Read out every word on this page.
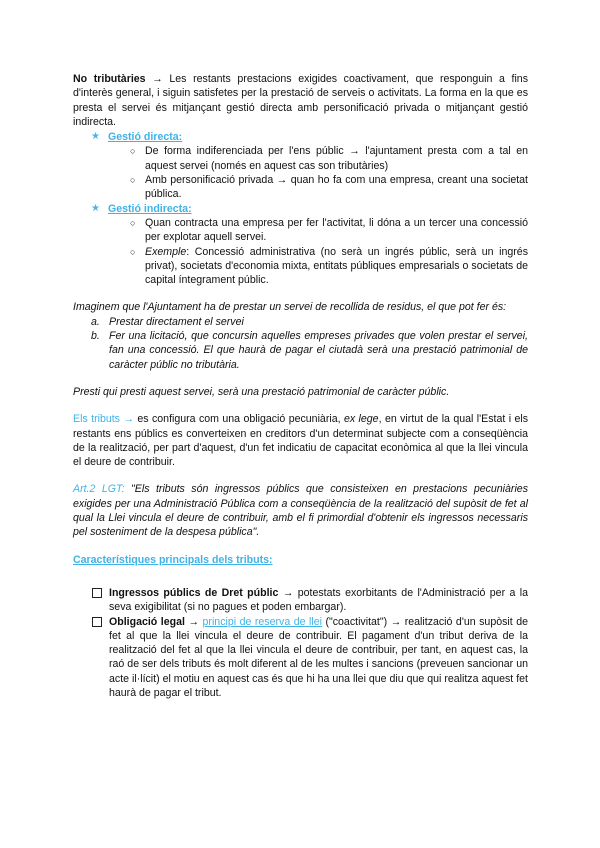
No tributàries → Les restants prestacions exigides coactivament, que responguin a fins d'interès general, i siguin satisfetes per la prestació de serveis o activitats. La forma en la que es presta el servei és mitjançant gestió directa amb personificació privada o mitjançant gestió indirecta.

★ Gestió directa:
○ De forma indiferenciada per l'ens públic → l'ajuntament presta com a tal en aquest servei (només en aquest cas son tributàries)
○ Amb personificació privada → quan ho fa com una empresa, creant una societat pública.
★ Gestió indirecta:
○ Quan contracta una empresa per fer l'activitat, li dóna a un tercer una concessió per explotar aquell servei.
○ Exemple: Concessió administrativa (no serà un ingrés públic, serà un ingrés privat), societats d'economia mixta, entitats públiques empresarials o societats de capital íntegrament públic.

Imaginem que l'Ajuntament ha de prestar un servei de recollida de residus, el que pot fer és:

a. Prestar directament el servei
b. Fer una licitació, que concursin aquelles empreses privades que volen prestar el servei, fan una concessió. El que haurà de pagar el ciutadà serà una prestació patrimonial de caràcter públic no tributària.

Presti qui presti aquest servei, serà una prestació patrimonial de caràcter públic.

Els tributs → es configura com una obligació pecuniària, ex lege, en virtut de la qual l'Estat i els restants ens públics es converteixen en creditors d'un determinat subjecte com a conseqüència de la realització, per part d'aquest, d'un fet indicatiu de capacitat econòmica al que la llei vincula el deure de contribuir.

Art.2 LGT: "Els tributs són ingressos públics que consisteixen en prestacions pecuniàries exigides per una Administració Pública com a conseqüència de la realització del supòsit de fet al qual la Llei vincula el deure de contribuir, amb el fi primordial d'obtenir els ingressos necessaris pel sosteniment de la despesa pública".

Característiques principals dels tributs:

Ingressos públics de Dret públic → potestats exorbitants de l'Administració per a la seva exigibilitat (si no pagues et poden embargar).
Obligació legal → principi de reserva de llei ("coactivitat") → realització d'un supòsit de fet al que la llei vincula el deure de contribuir. El pagament d'un tribut deriva de la realització del fet al que la llei vincula el deure de contribuir, per tant, en aquest cas, la raó de ser dels tributs és molt diferent al de les multes i sancions (preveuen sancionar un acte il·lícit) el motiu en aquest cas és que hi ha una llei que diu que qui realitza aquest fet haurà de pagar el tribut.
